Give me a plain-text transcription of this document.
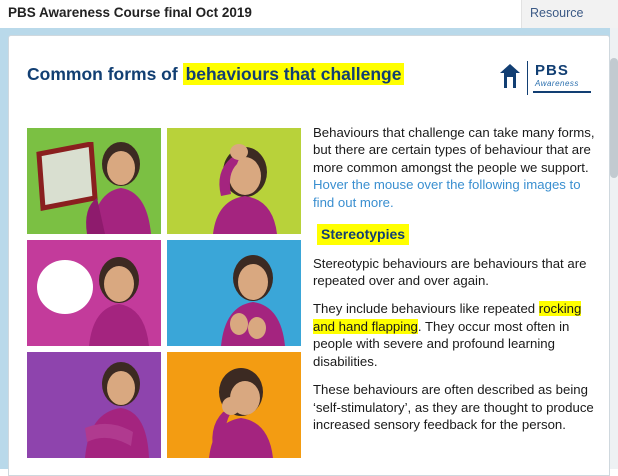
PBS Awareness Course final Oct 2019	Resource
Common forms of behaviours that challenge	PBS
Awareness

Behaviours that challenge can take many forms, but there are certain types of behaviour that are more common amongst the people we support. Hover the mouse over the following images to find out more.

Stereotypies

Stereotypic behaviours are behaviours that are repeated over and over again.

They include behaviours like repeated rocking and hand flapping. They occur most often in people with severe and profound learning disabilities.

These behaviours are often described as being ‘self-stimulatory’, as they are thought to produce increased sensory feedback for the person.
